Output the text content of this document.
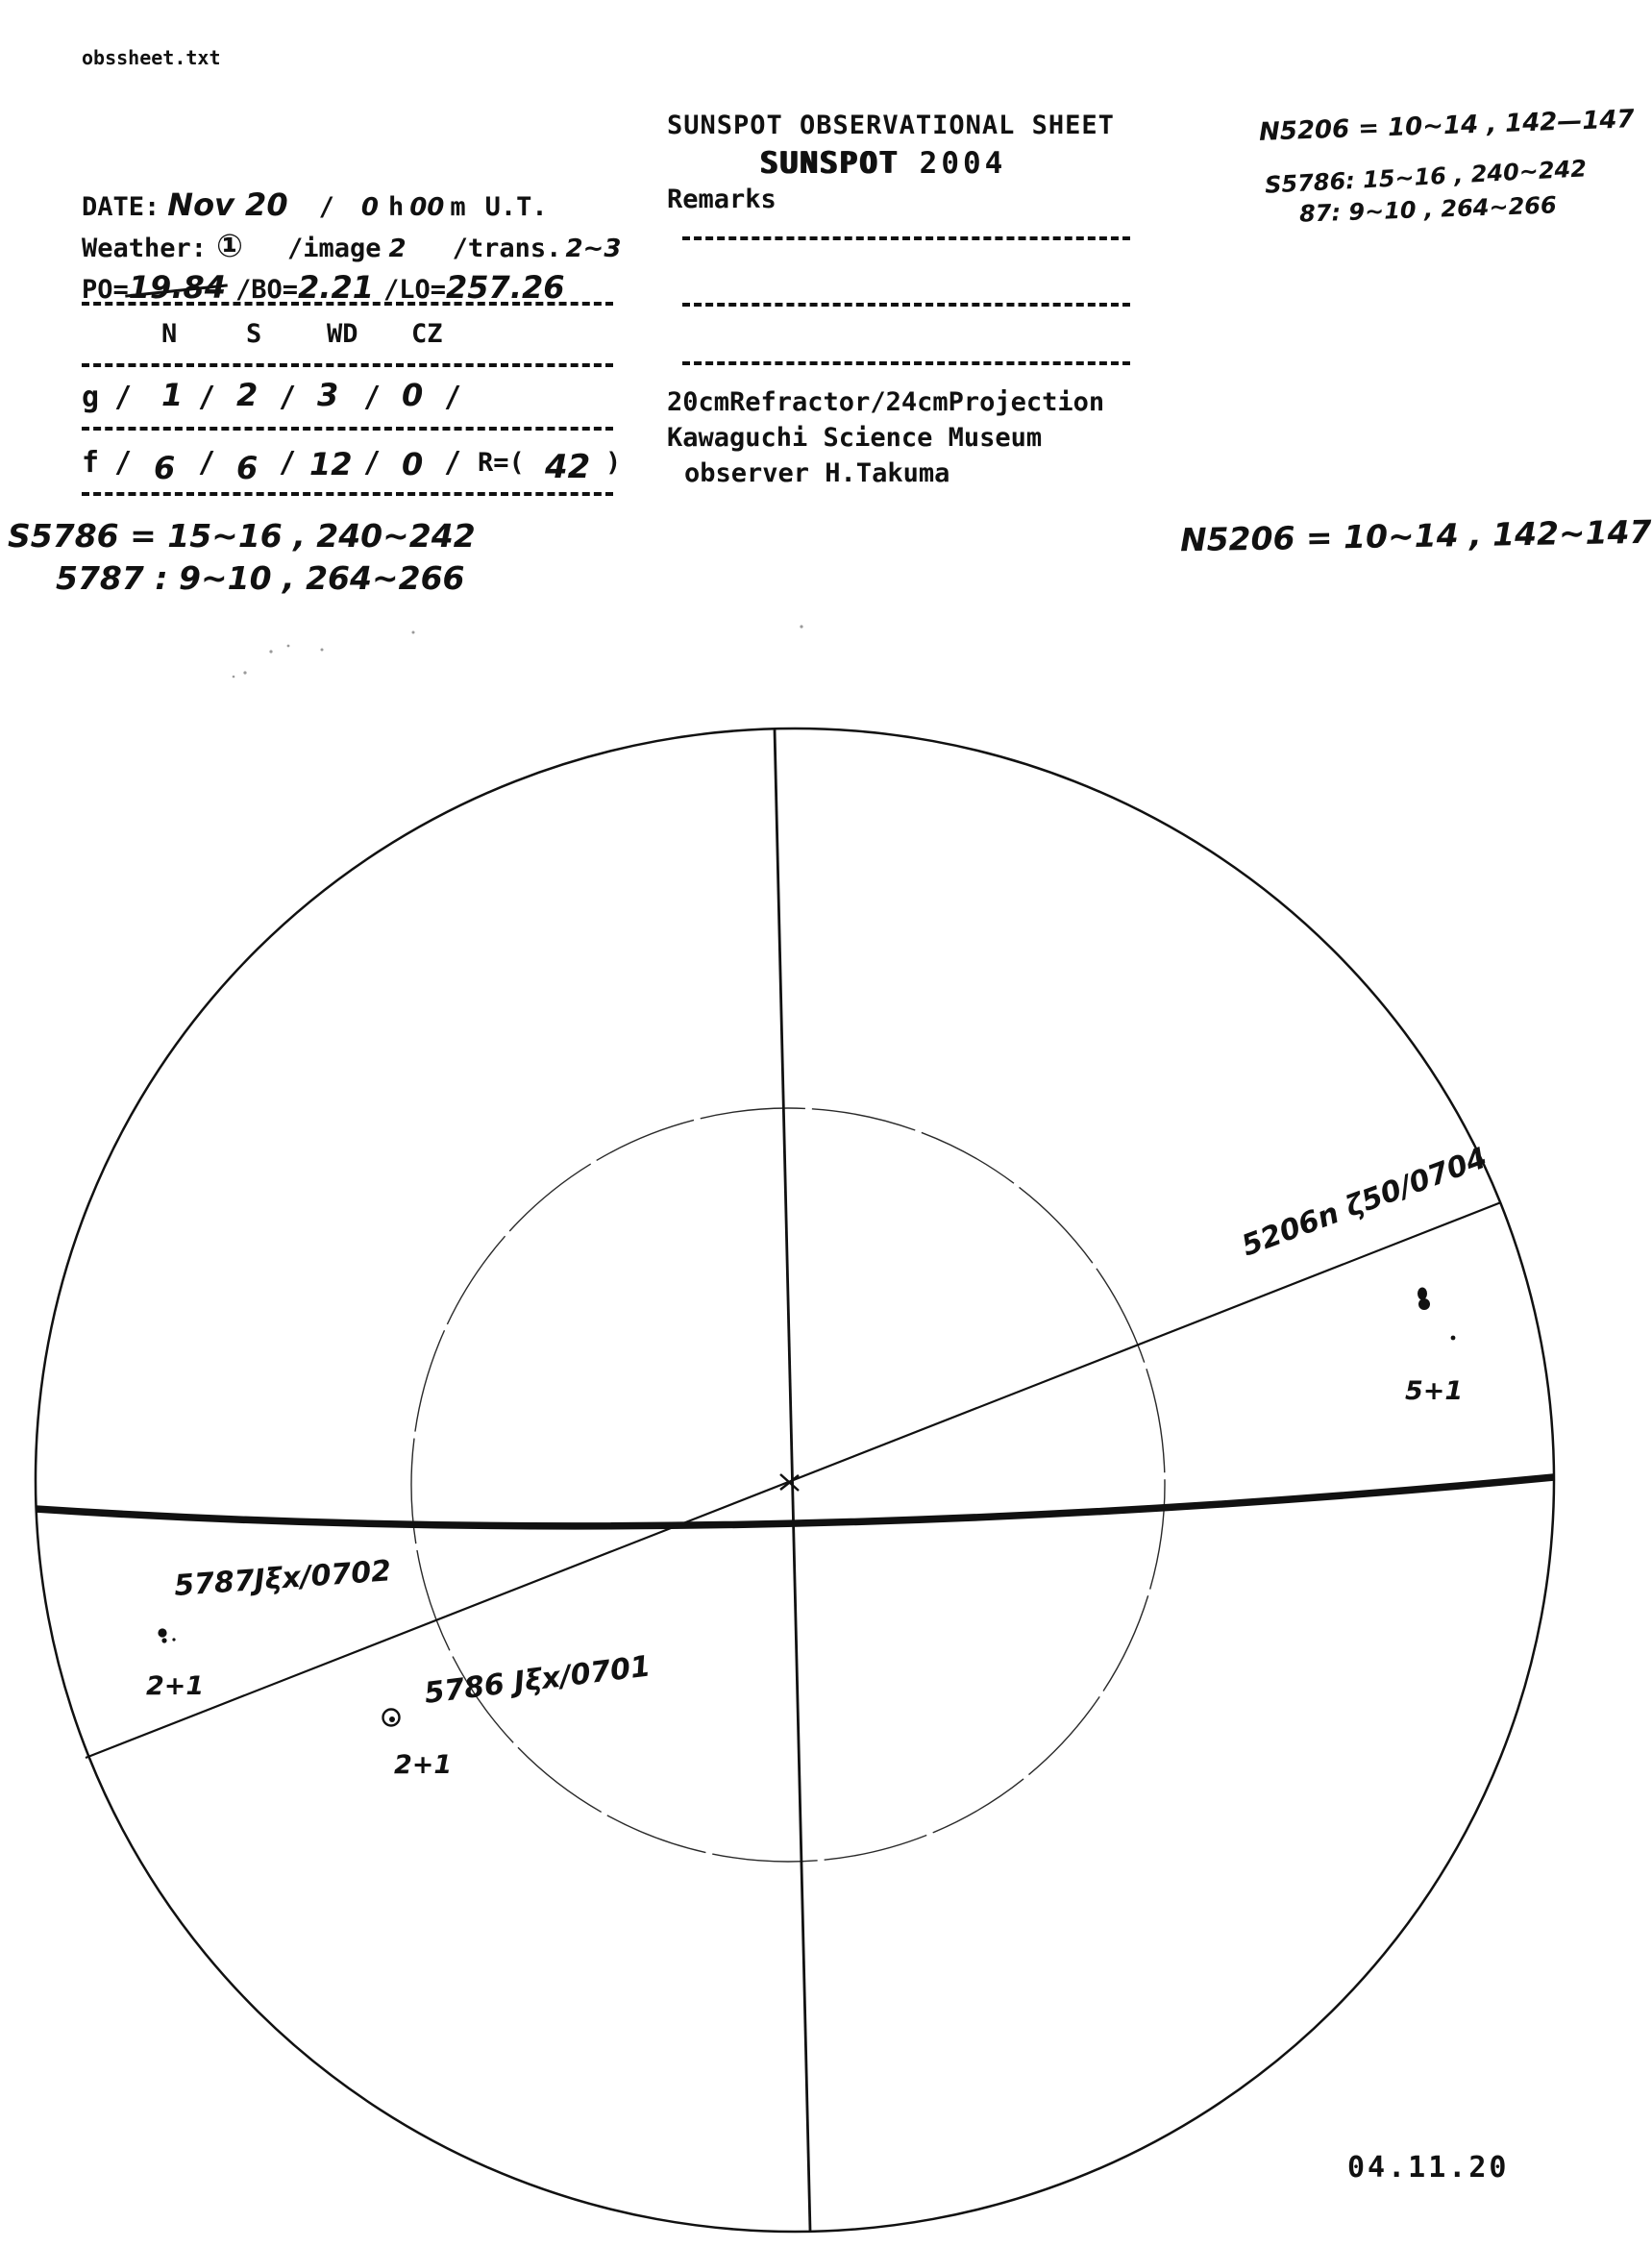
obssheet.txt
SUNSPOT OBSERVATIONAL SHEET
SUNSPOT 2004
Remarks
DATE: Nov 20 / 0 h 00 m U.T.
Weather: ① /image 2 /trans. 2~3
PO= 19.84 /BO= 2.21 /LO= 257.26
N	S	WD CZ
g / 1 / 2 / 3 / 0 /
f / 6 / 6 / 12 / 0 / R=( 42 )
S5786 = 15~16 , 240~242
5787 : 9~10 , 264~266
20cmRefractor/24cmProjection
Kawaguchi Science Museum
observer H.Takuma
N5206 = 10~14 , 142—147
S5786: 15~16 , 240~242
87: 9~10 , 264~266
N5206 = 10~14 , 142~147
04.11.20
5206n ζ50/0704
5+1
5787Jξx/0702
2+1	5786 Jξx/0701
2+1
